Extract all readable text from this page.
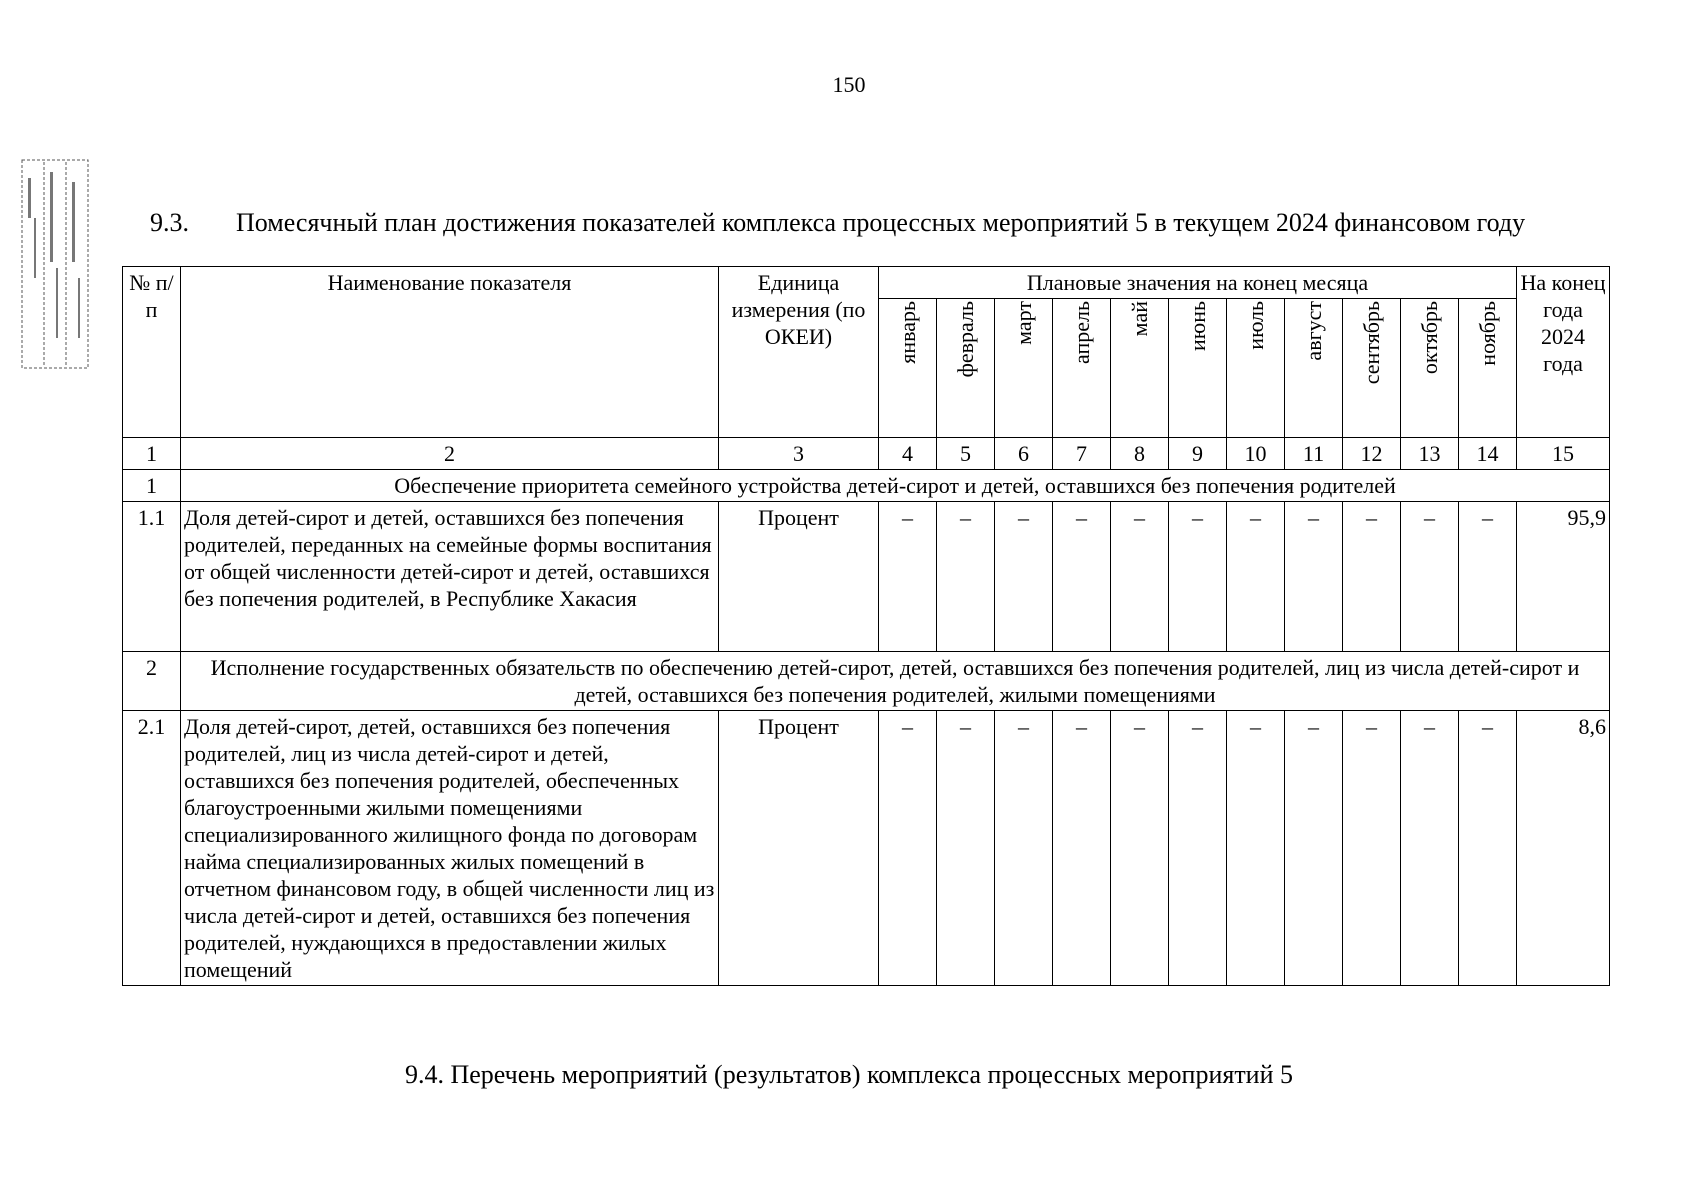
150
9.3. Помесячный план достижения показателей комплекса процессных мероприятий 5 в текущем 2024 финансовом году
№ п/п	Наименование показателя	Единица измерения (по ОКЕИ)	Плановые значения на конец месяца											На конец года 2024 года
			январь	февраль	март	апрель	май	июнь	июль	август	сентябрь	октябрь	ноябрь	
1	2	3	4	5	6	7	8	9	10	11	12	13	14	15
1	Обеспечение приоритета семейного устройства детей-сирот и детей, оставшихся без попечения родителей													
1.1	Доля детей-сирот и детей, оставшихся без попечения родителей, переданных на семейные формы воспитания от общей численности детей-сирот и детей, оставшихся без попечения родителей, в Республике Хакасия	Процент	–	–	–	–	–	–	–	–	–	–	–	95,9
2	Исполнение государственных обязательств по обеспечению детей-сирот, детей, оставшихся без попечения родителей, лиц из числа детей-сирот и детей, оставшихся без попечения родителей, жилыми помещениями													
2.1	Доля детей-сирот, детей, оставшихся без попечения родителей, лиц из числа детей-сирот и детей, оставшихся без попечения родителей, обеспеченных благоустроенными жилыми помещениями специализированного жилищного фонда по договорам найма специализированных жилых помещений в отчетном финансовом году, в общей численности лиц из числа детей-сирот и детей, оставшихся без попечения родителей, нуждающихся в предоставлении жилых помещений	Процент	–	–	–	–	–	–	–	–	–	–	–	8,6
9.4. Перечень мероприятий (результатов) комплекса процессных мероприятий 5
